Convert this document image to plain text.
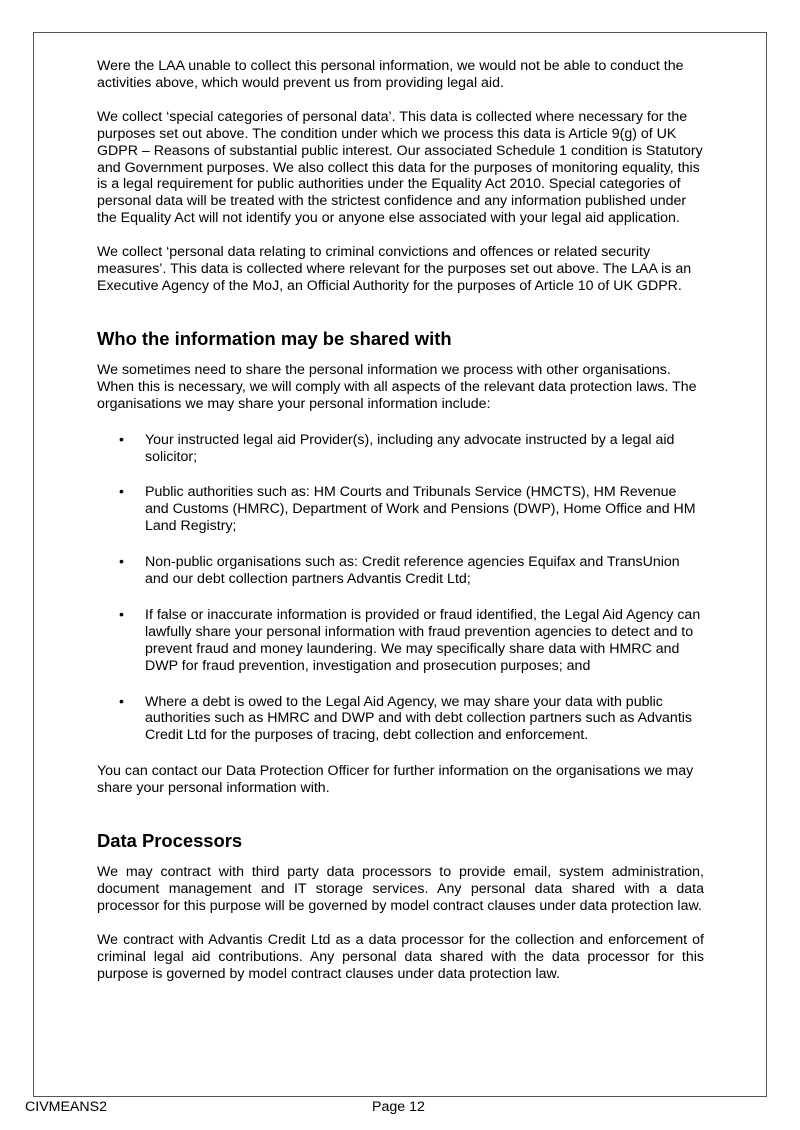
Were the LAA unable to collect this personal information, we would not be able to conduct the activities above, which would prevent us from providing legal aid.

We collect ‘special categories of personal data’. This data is collected where necessary for the purposes set out above. The condition under which we process this data is Article 9(g) of UK GDPR – Reasons of substantial public interest. Our associated Schedule 1 condition is Statutory and Government purposes. We also collect this data for the purposes of monitoring equality, this is a legal requirement for public authorities under the Equality Act 2010. Special categories of personal data will be treated with the strictest confidence and any information published under the Equality Act will not identify you or anyone else associated with your legal aid application.

We collect ‘personal data relating to criminal convictions and offences or related security measures’. This data is collected where relevant for the purposes set out above. The LAA is an Executive Agency of the MoJ, an Official Authority for the purposes of Article 10 of UK GDPR.

Who the information may be shared with

We sometimes need to share the personal information we process with other organisations. When this is necessary, we will comply with all aspects of the relevant data protection laws. The organisations we may share your personal information include:

• Your instructed legal aid Provider(s), including any advocate instructed by a legal aid solicitor;
• Public authorities such as: HM Courts and Tribunals Service (HMCTS), HM Revenue and Customs (HMRC), Department of Work and Pensions (DWP), Home Office and HM Land Registry;
• Non-public organisations such as: Credit reference agencies Equifax and TransUnion and our debt collection partners Advantis Credit Ltd;
• If false or inaccurate information is provided or fraud identified, the Legal Aid Agency can lawfully share your personal information with fraud prevention agencies to detect and to prevent fraud and money laundering. We may specifically share data with HMRC and DWP for fraud prevention, investigation and prosecution purposes; and
• Where a debt is owed to the Legal Aid Agency, we may share your data with public authorities such as HMRC and DWP and with debt collection partners such as Advantis Credit Ltd for the purposes of tracing, debt collection and enforcement.

You can contact our Data Protection Officer for further information on the organisations we may share your personal information with.

Data Processors

We may contract with third party data processors to provide email, system administration, document management and IT storage services. Any personal data shared with a data processor for this purpose will be governed by model contract clauses under data protection law.

We contract with Advantis Credit Ltd as a data processor for the collection and enforcement of criminal legal aid contributions. Any personal data shared with the data processor for this purpose is governed by model contract clauses under data protection law.

CIVMEANS2	Page 12
